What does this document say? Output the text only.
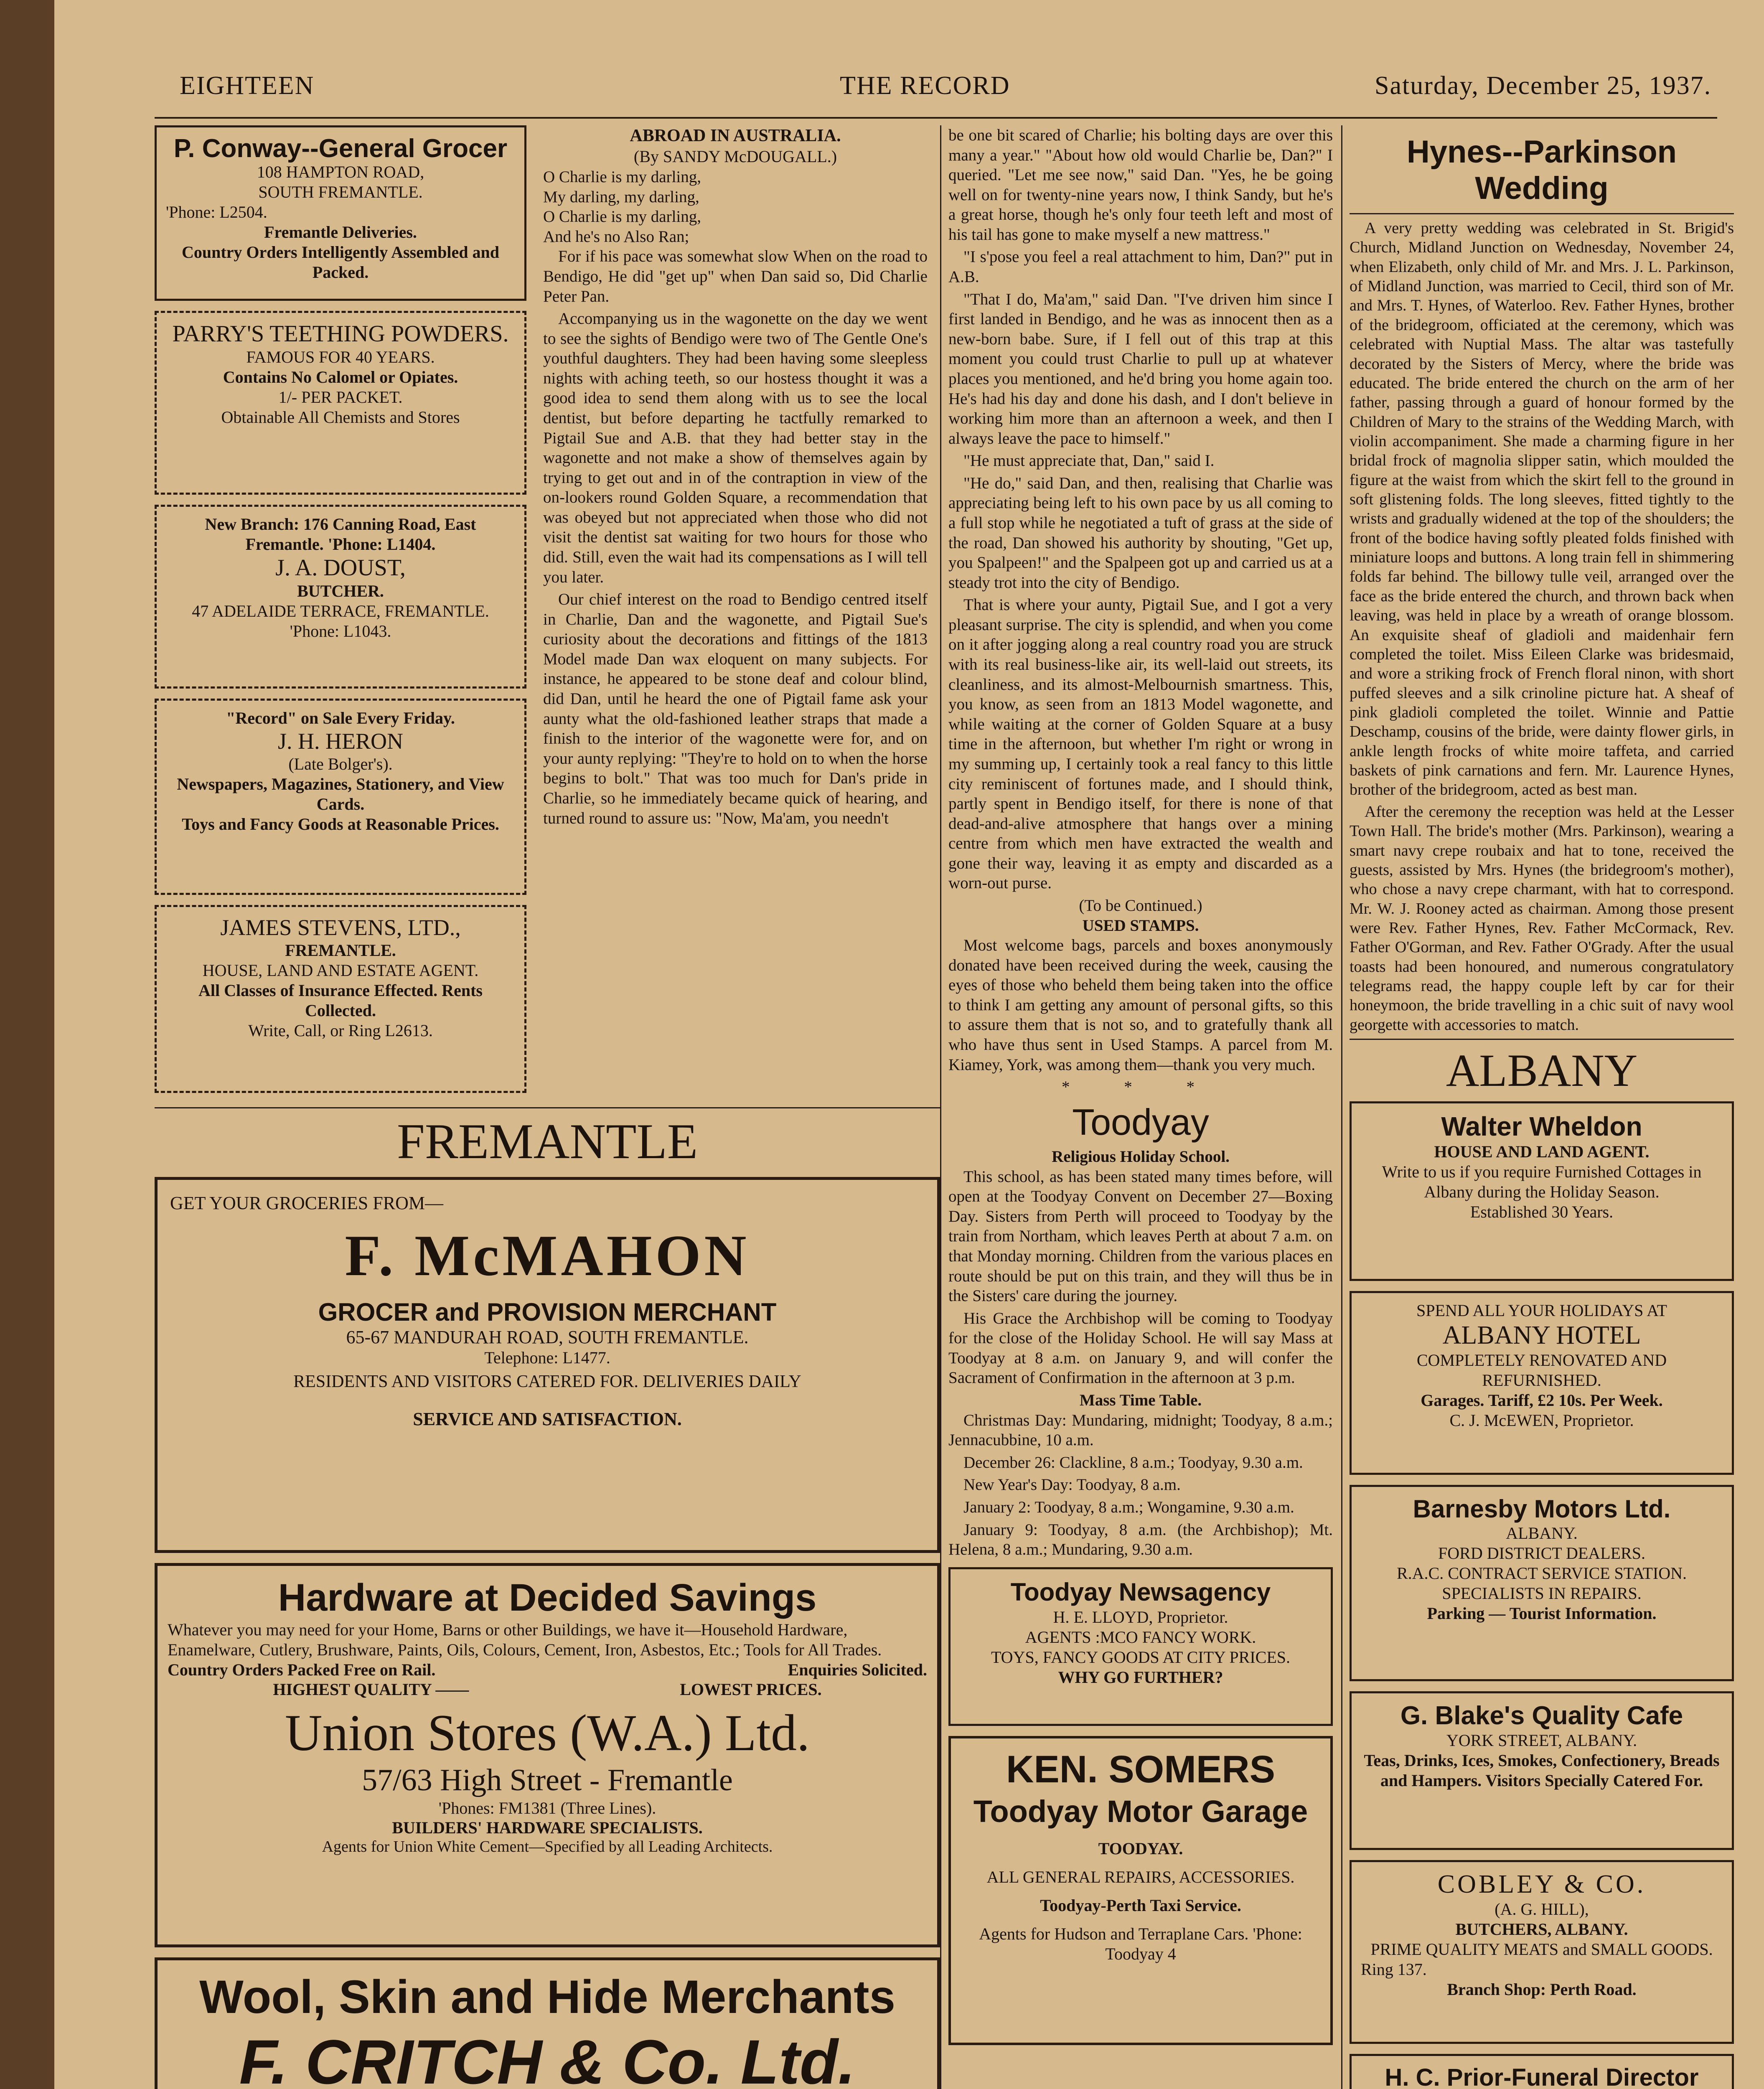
EIGHTEEN	THE RECORD	Saturday, December 25, 1937.
P. Conway--General Grocer
108 HAMPTON ROAD,
SOUTH FREMANTLE.
'Phone: L2504.
Fremantle Deliveries.
Country Orders Intelligently Assembled and Packed.
PARRY'S TEETHING POWDERS.
FAMOUS FOR 40 YEARS.
Contains No Calomel or Opiates.
1/- PER PACKET.
Obtainable All Chemists and Stores
New Branch: 176 Canning Road, East Fremantle. 'Phone: L1404.
J. A. DOUST,
BUTCHER.
47 ADELAIDE TERRACE, FREMANTLE. 'Phone: L1043.
"Record" on Sale Every Friday.
J. H. HERON
(Late Bolger's).
Newspapers, Magazines, Stationery, and View Cards.
Toys and Fancy Goods at Reasonable Prices.
JAMES STEVENS, LTD.,
FREMANTLE.
HOUSE, LAND AND ESTATE AGENT.
All Classes of Insurance Effected. Rents Collected.
Write, Call, or Ring L2613.
ABROAD IN AUSTRALIA.
(By SANDY McDOUGALL.)
O Charlie is my darling,
My darling, my darling,
O Charlie is my darling,
And he's no Also Ran;

For if his pace was somewhat slow When on the road to Bendigo, He did "get up" when Dan said so, Did Charlie Peter Pan.

Accompanying us in the wagonette on the day we went to see the sights of Bendigo were two of The Gentle One's youthful daughters. They had been having some sleepless nights with aching teeth, so our hostess thought it was a good idea to send them along with us to see the local dentist, but before departing he tactfully remarked to Pigtail Sue and A.B. that they had better stay in the wagonette and not make a show of themselves again by trying to get out and in of the contraption in view of the on-lookers round Golden Square, a recommendation that was obeyed but not appreciated when those who did not visit the dentist sat waiting for two hours for those who did. Still, even the wait had its compensations as I will tell you later.

Our chief interest on the road to Bendigo centred itself in Charlie, Dan and the wagonette, and Pigtail Sue's curiosity about the decorations and fittings of the 1813 Model made Dan wax eloquent on many subjects. For instance, he appeared to be stone deaf and colour blind, did Dan, until he heard the one of Pigtail fame ask your aunty what the old-fashioned leather straps that made a finish to the interior of the wagonette were for, and on your aunty replying: "They're to hold on to when the horse begins to bolt." That was too much for Dan's pride in Charlie, so he immediately became quick of hearing, and turned round to assure us: "Now, Ma'am, you needn't

FREMANTLE
GET YOUR GROCERIES FROM—
F. McMAHON
GROCER and PROVISION MERCHANT
65-67 MANDURAH ROAD, SOUTH FREMANTLE.
Telephone: L1477.
RESIDENTS AND VISITORS CATERED FOR. DELIVERIES DAILY
SERVICE AND SATISFACTION.
Hardware at Decided Savings
Whatever you may need for your Home, Barns or other Buildings, we have it—Household Hardware, Enamelware, Cutlery, Brushware, Paints, Oils, Colours, Cement, Iron, Asbestos, Etc.; Tools for All Trades.
Country Orders Packed Free on Rail.	Enquiries Solicited.
HIGHEST QUALITY ——	LOWEST PRICES.
Union Stores (W.A.) Ltd.
57/63 High Street - Fremantle
'Phones: FM1381 (Three Lines).
BUILDERS' HARDWARE SPECIALISTS.
Agents for Union White Cement—Specified by all Leading Architects.
Wool, Skin and Hide Merchants
F. CRITCH & Co. Ltd.

be one bit scared of Charlie; his bolting days are over this many a year." "About how old would Charlie be, Dan?" I queried. "Let me see now," said Dan. "Yes, he be going well on for twenty-nine years now, I think Sandy, but he's a great horse, though he's only four teeth left and most of his tail has gone to make myself a new mattress."

"I s'pose you feel a real attachment to him, Dan?" put in A.B.

"That I do, Ma'am," said Dan. "I've driven him since I first landed in Bendigo, and he was as innocent then as a new-born babe. Sure, if I fell out of this trap at this moment you could trust Charlie to pull up at whatever places you mentioned, and he'd bring you home again too. He's had his day and done his dash, and I don't believe in working him more than an afternoon a week, and then I always leave the pace to himself."

"He must appreciate that, Dan," said I.

"He do," said Dan, and then, realising that Charlie was appreciating being left to his own pace by us all coming to a full stop while he negotiated a tuft of grass at the side of the road, Dan showed his authority by shouting, "Get up, you Spalpeen!" and the Spalpeen got up and carried us at a steady trot into the city of Bendigo.

That is where your aunty, Pigtail Sue, and I got a very pleasant surprise. The city is splendid, and when you come on it after jogging along a real country road you are struck with its real business-like air, its well-laid out streets, its cleanliness, and its almost-Melbournish smartness. This, you know, as seen from an 1813 Model wagonette, and while waiting at the corner of Golden Square at a busy time in the afternoon, but whether I'm right or wrong in my summing up, I certainly took a real fancy to this little city reminiscent of fortunes made, and I should think, partly spent in Bendigo itself, for there is none of that dead-and-alive atmosphere that hangs over a mining centre from which men have extracted the wealth and gone their way, leaving it as empty and discarded as a worn-out purse.

(To be Continued.)
USED STAMPS.

Most welcome bags, parcels and boxes anonymously donated have been received during the week, causing the eyes of those who beheld them being taken into the office to think I am getting any amount of personal gifts, so this to assure them that is not so, and to gratefully thank all who have thus sent in Used Stamps. A parcel from M. Kiamey, York, was among them—thank you very much.

* * *
Toodyay
Religious Holiday School.

This school, as has been stated many times before, will open at the Toodyay Convent on December 27—Boxing Day. Sisters from Perth will proceed to Toodyay by the train from Northam, which leaves Perth at about 7 a.m. on that Monday morning. Children from the various places en route should be put on this train, and they will thus be in the Sisters' care during the journey.

His Grace the Archbishop will be coming to Toodyay for the close of the Holiday School. He will say Mass at Toodyay at 8 a.m. on January 9, and will confer the Sacrament of Confirmation in the afternoon at 3 p.m.

Mass Time Table.

Christmas Day: Mundaring, midnight; Toodyay, 8 a.m.; Jennacubbine, 10 a.m.

December 26: Clackline, 8 a.m.; Toodyay, 9.30 a.m.

New Year's Day: Toodyay, 8 a.m.

January 2: Toodyay, 8 a.m.; Wongamine, 9.30 a.m.

January 9: Toodyay, 8 a.m. (the Archbishop); Mt. Helena, 8 a.m.; Mundaring, 9.30 a.m.

Toodyay Newsagency
H. E. LLOYD, Proprietor.
AGENTS :MCO FANCY WORK.
TOYS, FANCY GOODS AT CITY PRICES.
WHY GO FURTHER?
KEN. SOMERS
Toodyay Motor Garage
TOODYAY.
ALL GENERAL REPAIRS, ACCESSORIES.
Toodyay-Perth Taxi Service.
Agents for Hudson and Terraplane Cars. 'Phone: Toodyay 4
Hynes--Parkinson Wedding

A very pretty wedding was celebrated in St. Brigid's Church, Midland Junction on Wednesday, November 24, when Elizabeth, only child of Mr. and Mrs. J. L. Parkinson, of Midland Junction, was married to Cecil, third son of Mr. and Mrs. T. Hynes, of Waterloo. Rev. Father Hynes, brother of the bridegroom, officiated at the ceremony, which was celebrated with Nuptial Mass. The altar was tastefully decorated by the Sisters of Mercy, where the bride was educated. The bride entered the church on the arm of her father, passing through a guard of honour formed by the Children of Mary to the strains of the Wedding March, with violin accompaniment. She made a charming figure in her bridal frock of magnolia slipper satin, which moulded the figure at the waist from which the skirt fell to the ground in soft glistening folds. The long sleeves, fitted tightly to the wrists and gradually widened at the top of the shoulders; the front of the bodice having softly pleated folds finished with miniature loops and buttons. A long train fell in shimmering folds far behind. The billowy tulle veil, arranged over the face as the bride entered the church, and thrown back when leaving, was held in place by a wreath of orange blossom. An exquisite sheaf of gladioli and maidenhair fern completed the toilet. Miss Eileen Clarke was bridesmaid, and wore a striking frock of French floral ninon, with short puffed sleeves and a silk crinoline picture hat. A sheaf of pink gladioli completed the toilet. Winnie and Pattie Deschamp, cousins of the bride, were dainty flower girls, in ankle length frocks of white moire taffeta, and carried baskets of pink carnations and fern. Mr. Laurence Hynes, brother of the bridegroom, acted as best man.

After the ceremony the reception was held at the Lesser Town Hall. The bride's mother (Mrs. Parkinson), wearing a smart navy crepe roubaix and hat to tone, received the guests, assisted by Mrs. Hynes (the bridegroom's mother), who chose a navy crepe charmant, with hat to correspond. Mr. W. J. Rooney acted as chairman. Among those present were Rev. Father Hynes, Rev. Father McCormack, Rev. Father O'Gorman, and Rev. Father O'Grady. After the usual toasts had been honoured, and numerous congratulatory telegrams read, the happy couple left by car for their honeymoon, the bride travelling in a chic suit of navy wool georgette with accessories to match.

ALBANY
Walter Wheldon
HOUSE AND LAND AGENT.
Write to us if you require Furnished Cottages in Albany during the Holiday Season.
Established 30 Years.
SPEND ALL YOUR HOLIDAYS AT
ALBANY HOTEL
COMPLETELY RENOVATED AND REFURNISHED.
Garages. Tariff, £2 10s. Per Week.
C. J. McEWEN, Proprietor.
Barnesby Motors Ltd.
ALBANY.
FORD DISTRICT DEALERS.
R.A.C. CONTRACT SERVICE STATION.
SPECIALISTS IN REPAIRS.
Parking — Tourist Information.
G. Blake's Quality Cafe
YORK STREET, ALBANY.
Teas, Drinks, Ices, Smokes, Confectionery, Breads and Hampers. Visitors Specially Catered For.
COBLEY & CO.
(A. G. HILL),
BUTCHERS, ALBANY.
PRIME QUALITY MEATS and SMALL GOODS.
Ring 137.
Branch Shop: Perth Road.
H. C. Prior-Funeral Director
